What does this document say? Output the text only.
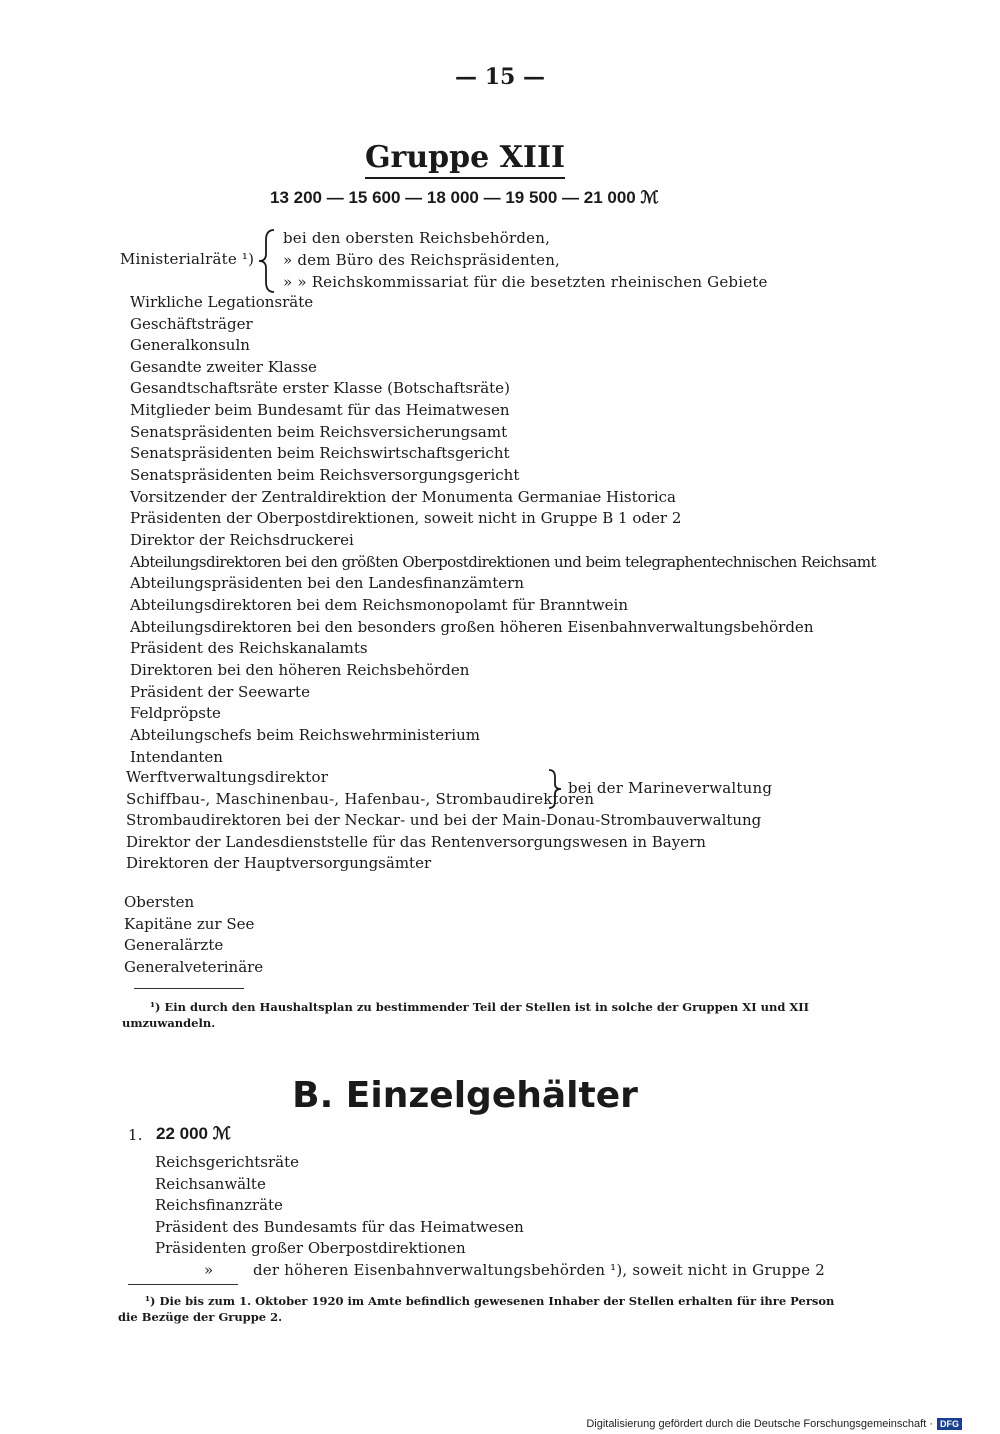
— 15 —
Gruppe XIII
13 200 — 15 600 — 18 000 — 19 500 — 21 000 ℳ
Ministerialräte ¹)
bei den obersten Reichsbehörden,
» dem Büro des Reichspräsidenten,
» » Reichskommissariat für die besetzten rheinischen Gebiete
Wirkliche Legationsräte
Geschäftsträger
Generalkonsuln
Gesandte zweiter Klasse
Gesandtschaftsräte erster Klasse (Botschaftsräte)
Mitglieder beim Bundesamt für das Heimatwesen
Senatspräsidenten beim Reichsversicherungsamt
Senatspräsidenten beim Reichswirtschaftsgericht
Senatspräsidenten beim Reichsversorgungsgericht
Vorsitzender der Zentraldirektion der Monumenta Germaniae Historica
Präsidenten der Oberpostdirektionen, soweit nicht in Gruppe B 1 oder 2
Direktor der Reichsdruckerei
Abteilungsdirektoren bei den größten Oberpostdirektionen und beim telegraphentechnischen Reichsamt
Abteilungspräsidenten bei den Landesfinanzämtern
Abteilungsdirektoren bei dem Reichsmonopolamt für Branntwein
Abteilungsdirektoren bei den besonders großen höheren Eisenbahnverwaltungsbehörden
Präsident des Reichskanalamts
Direktoren bei den höheren Reichsbehörden
Präsident der Seewarte
Feldpröpste
Abteilungschefs beim Reichswehrministerium
Intendanten
Werftverwaltungsdirektor
Schiffbau-, Maschinenbau-, Hafenbau-, Strombaudirektoren
bei der Marineverwaltung
Strombaudirektoren bei der Neckar- und bei der Main-Donau-Strombauverwaltung
Direktor der Landesdienststelle für das Rentenversorgungswesen in Bayern
Direktoren der Hauptversorgungsämter
Obersten
Kapitäne zur See
Generalärzte
Generalveterinäre
¹) Ein durch den Haushaltsplan zu bestimmender Teil der Stellen ist in solche der Gruppen XI und XII
umzuwandeln.
B. Einzelgehälter
1. 22 000 ℳ
Reichsgerichtsräte
Reichsanwälte
Reichsfinanzräte
Präsident des Bundesamts für das Heimatwesen
Präsidenten großer Oberpostdirektionen
»	der höheren Eisenbahnverwaltungsbehörden ¹), soweit nicht in Gruppe 2
¹) Die bis zum 1. Oktober 1920 im Amte befindlich gewesenen Inhaber der Stellen erhalten für ihre Person
die Bezüge der Gruppe 2.
Digitalisierung gefördert durch die Deutsche Forschungsgemeinschaft · DFG
